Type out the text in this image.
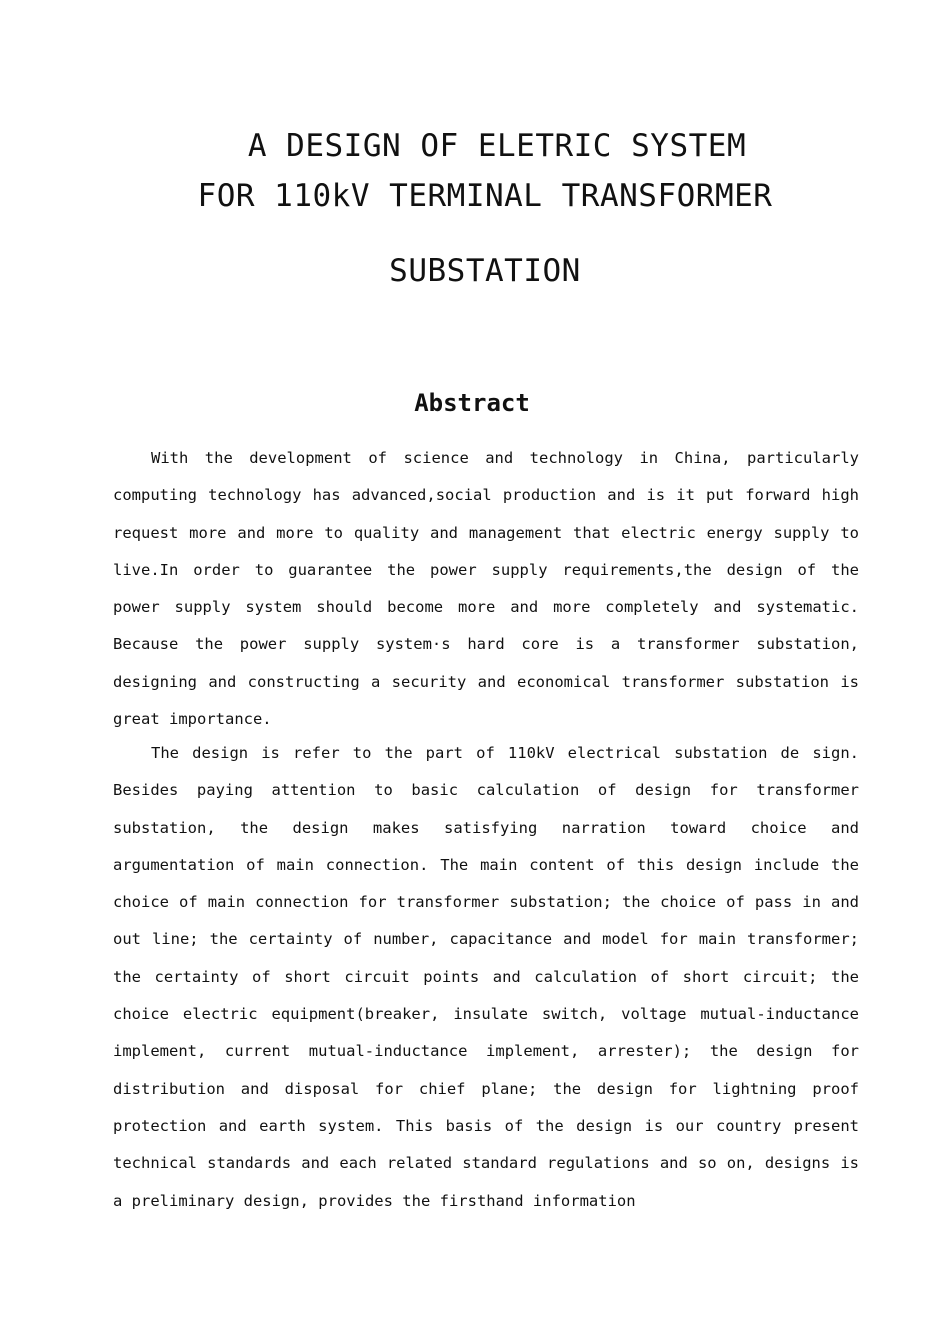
A DESIGN OF ELETRIC SYSTEM
FOR 110kV TERMINAL TRANSFORMER
SUBSTATION
Abstract

With the development of science and technology in China, particularly computing technology has advanced,social production and is it put forward high request more and more to quality and management that electric energy supply to live.In order to guarantee the power supply requirements,the design of the power supply system should become more and more completely and systematic. Because the power supply system·s hard core is a transformer substation, designing and constructing a security and economical transformer substation is great importance.

The design is refer to the part of 110kV electrical substation de sign. Besides paying attention to basic calculation of design for transformer substation, the design makes satisfying narration toward choice and argumentation of main connection. The main content of this design include the choice of main connection for transformer substation; the choice of pass in and out line; the certainty of number, capacitance and model for main transformer; the certainty of short circuit points and calculation of short circuit; the choice electric equipment(breaker, insulate switch, voltage mutual-inductance implement, current mutual-inductance implement, arrester); the design for distribution and disposal for chief plane; the design for lightning proof protection and earth system. This basis of the design is our country present technical standards and each related standard regulations and so on, designs is a preliminary design, provides the firsthand information
